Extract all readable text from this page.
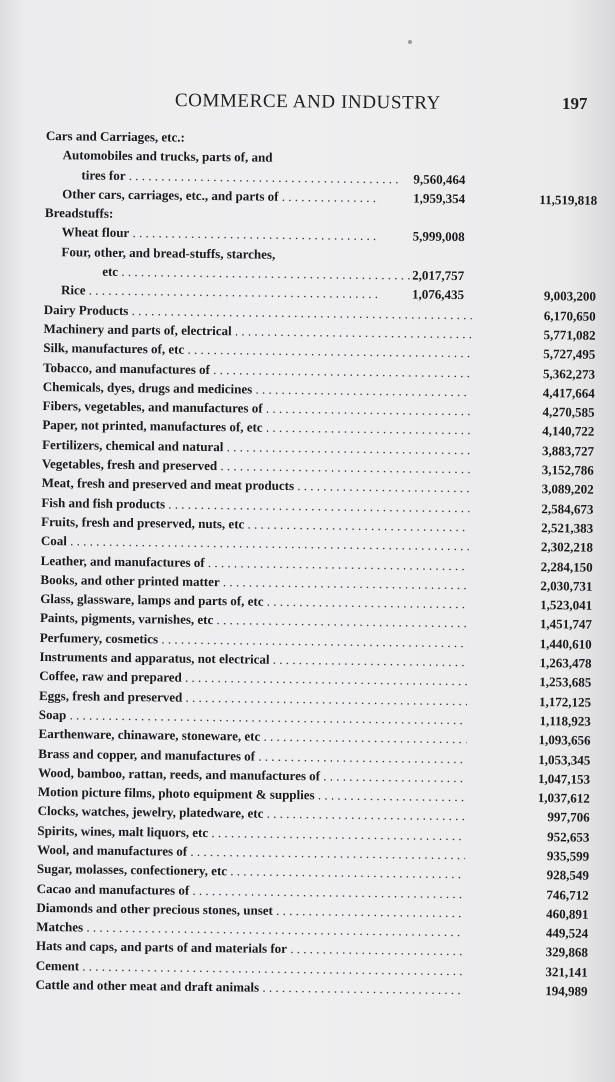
COMMERCE AND INDUSTRY	197
Cars and Carriages, etc.:
Automobiles and trucks, parts of, and
tires for . . .	9,560,464
Other cars, carriages, etc., and parts of . . .	1,959,354	11,519,818
Breadstuffs:
Wheat flour . . .	5,999,008
Four, other, and bread-stuffs, starches,
etc . . .	2,017,757
Rice . . .	1,076,435	9,003,200
Dairy Products . . .	6,170,650
Machinery and parts of, electrical . . .	5,771,082
Silk, manufactures of, etc . . .	5,727,495
Tobacco, and manufactures of . . .	5,362,273
Chemicals, dyes, drugs and medicines . . .	4,417,664
Fibers, vegetables, and manufactures of . . .	4,270,585
Paper, not printed, manufactures of, etc . . .	4,140,722
Fertilizers, chemical and natural . . .	3,883,727
Vegetables, fresh and preserved . . .	3,152,786
Meat, fresh and preserved and meat products . . .	3,089,202
Fish and fish products . . .	2,584,673
Fruits, fresh and preserved, nuts, etc . . .	2,521,383
Coal . . .	2,302,218
Leather, and manufactures of . . .	2,284,150
Books, and other printed matter . . .	2,030,731
Glass, glassware, lamps and parts of, etc . . .	1,523,041
Paints, pigments, varnishes, etc . . .	1,451,747
Perfumery, cosmetics . . .	1,440,610
Instruments and apparatus, not electrical . . .	1,263,478
Coffee, raw and prepared . . .	1,253,685
Eggs, fresh and preserved . . .	1,172,125
Soap . . .	1,118,923
Earthenware, chinaware, stoneware, etc . . .	1,093,656
Brass and copper, and manufactures of . . .	1,053,345
Wood, bamboo, rattan, reeds, and manufactures of . . .	1,047,153
Motion picture films, photo equipment & supplies . . .	1,037,612
Clocks, watches, jewelry, platedware, etc . . .	997,706
Spirits, wines, malt liquors, etc . . .	952,653
Wool, and manufactures of . . .	935,599
Sugar, molasses, confectionery, etc . . .	928,549
Cacao and manufactures of . . .	746,712
Diamonds and other precious stones, unset . . .	460,891
Matches . . .	449,524
Hats and caps, and parts of and materials for . . .	329,868
Cement . . .	321,141
Cattle and other meat and draft animals . . .	194,989
